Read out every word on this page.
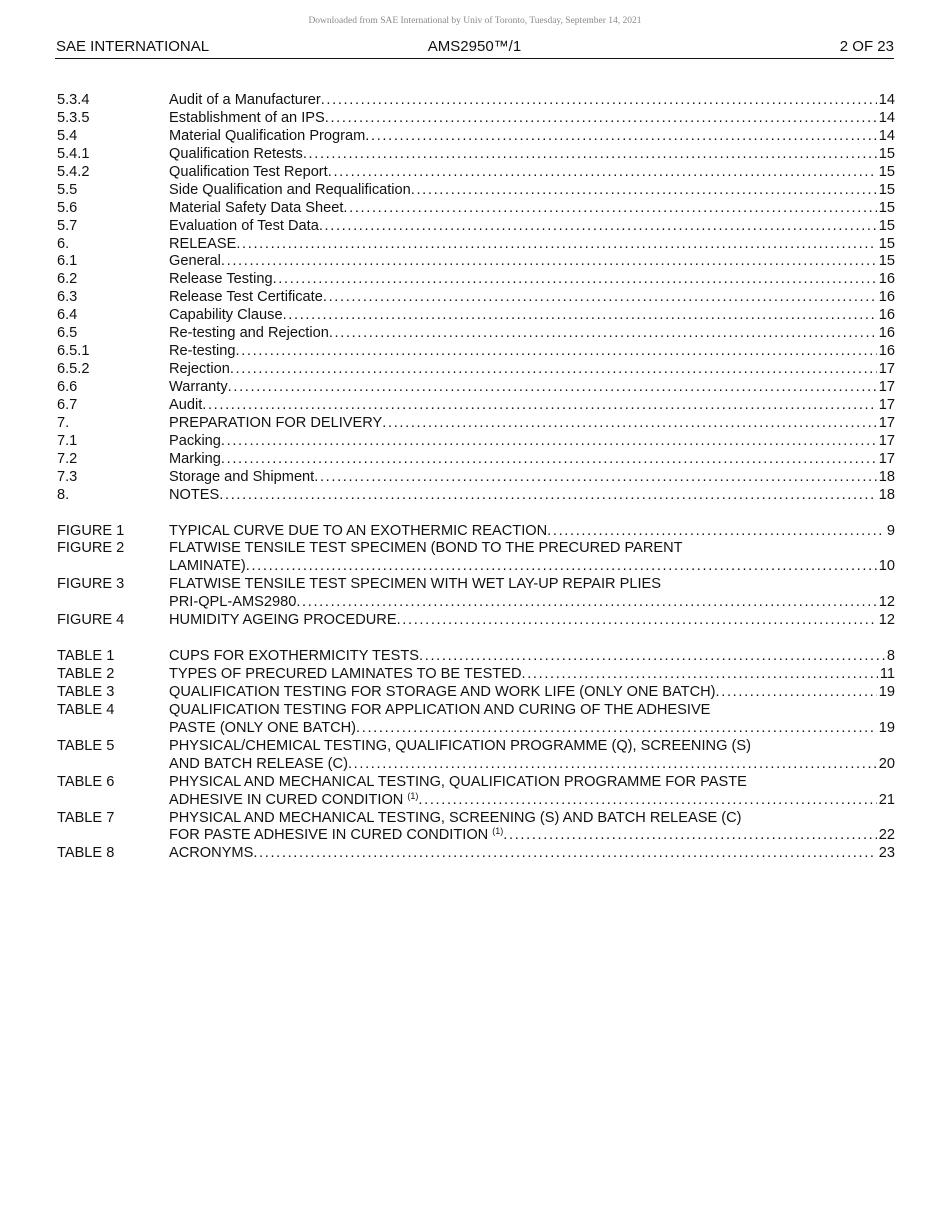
Downloaded from SAE International by Univ of Toronto, Tuesday, September 14, 2021
SAE INTERNATIONAL	AMS2950™/1	2 OF 23
5.3.4	Audit of a Manufacturer . . .	14
5.3.5	Establishment of an IPS . . .	14
5.4	Material Qualification Program . . .	14
5.4.1	Qualification Retests . . .	15
5.4.2	Qualification Test Report . . .	15
5.5	Side Qualification and Requalification . . .	15
5.6	Material Safety Data Sheet . . .	15
5.7	Evaluation of Test Data . . .	15
6.	RELEASE . . .	15
6.1	General . . .	15
6.2	Release Testing . . .	16
6.3	Release Test Certificate . . .	16
6.4	Capability Clause . . .	16
6.5	Re-testing and Rejection . . .	16
6.5.1	Re-testing . . .	16
6.5.2	Rejection . . .	17
6.6	Warranty . . .	17
6.7	Audit . . .	17
7.	PREPARATION FOR DELIVERY . . .	17
7.1	Packing . . .	17
7.2	Marking . . .	17
7.3	Storage and Shipment . . .	18
8.	NOTES . . .	18
FIGURE 1	TYPICAL CURVE DUE TO AN EXOTHERMIC REACTION . . .	9
FIGURE 2	FLATWISE TENSILE TEST SPECIMEN (BOND TO THE PRECURED PARENT
LAMINATE) . . .	10
FIGURE 3	FLATWISE TENSILE TEST SPECIMEN WITH WET LAY-UP REPAIR PLIES
PRI-QPL-AMS2980 . . .	12
FIGURE 4	HUMIDITY AGEING PROCEDURE . . .	12
TABLE 1	CUPS FOR EXOTHERMICITY TESTS . . .	8
TABLE 2	TYPES OF PRECURED LAMINATES TO BE TESTED . . .	11
TABLE 3	QUALIFICATION TESTING FOR STORAGE AND WORK LIFE (ONLY ONE BATCH) . . .	19
TABLE 4	QUALIFICATION TESTING FOR APPLICATION AND CURING OF THE ADHESIVE
PASTE (ONLY ONE BATCH) . . .	19
TABLE 5	PHYSICAL/CHEMICAL TESTING, QUALIFICATION PROGRAMME (Q), SCREENING (S)
AND BATCH RELEASE (C) . . .	20
TABLE 6	PHYSICAL AND MECHANICAL TESTING, QUALIFICATION PROGRAMME FOR PASTE
ADHESIVE IN CURED CONDITION $^{(1)}$ . . .	21
TABLE 7	PHYSICAL AND MECHANICAL TESTING, SCREENING (S) AND BATCH RELEASE (C)
FOR PASTE ADHESIVE IN CURED CONDITION $^{(1)}$ . . .	22
TABLE 8	ACRONYMS . . .	23
